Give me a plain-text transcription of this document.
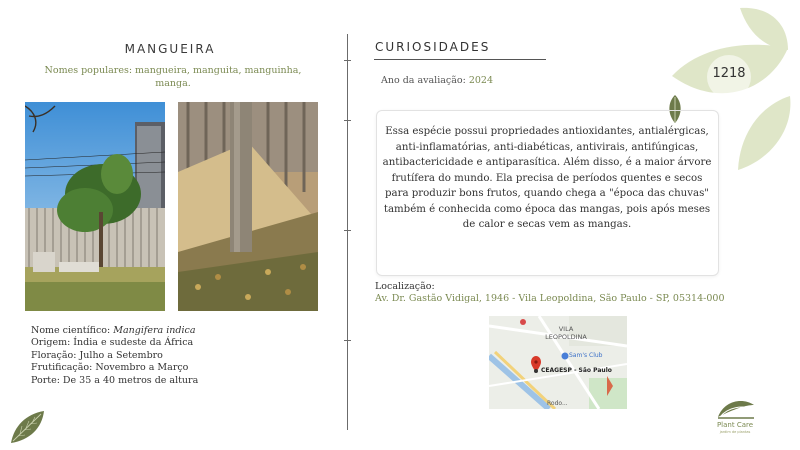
1218
MANGUEIRA
Nomes populares: mangueira, manguita, manguinha, manga.
Nome científico: Mangifera indica
Origem: Índia e sudeste da África
Floração: Julho a Setembro
Frutificação: Novembro a Março
Porte: De 35 a 40 metros de altura
CURIOSIDADES
Ano da avaliação: 2024
Essa espécie possui propriedades antioxidantes, antialérgicas, anti-inflamatórias, anti-diabéticas, antivirais, antifúngicas, antibactericidade e antiparasítica. Além disso, é a maior árvore frutífera do mundo. Ela precisa de períodos quentes e secos para produzir bons frutos, quando chega a "época das chuvas" também é conhecida como época das mangas, pois após meses de calor e secas vem as mangas.
Localização:
Av. Dr. Gastão Vidigal, 1946 - Vila Leopoldina, São Paulo - SP, 05314-000
VILA LEOPOLDINA
Sam's Club
CEAGESP - São Paulo
Rodo...
Plant Care
jardim de plantas
